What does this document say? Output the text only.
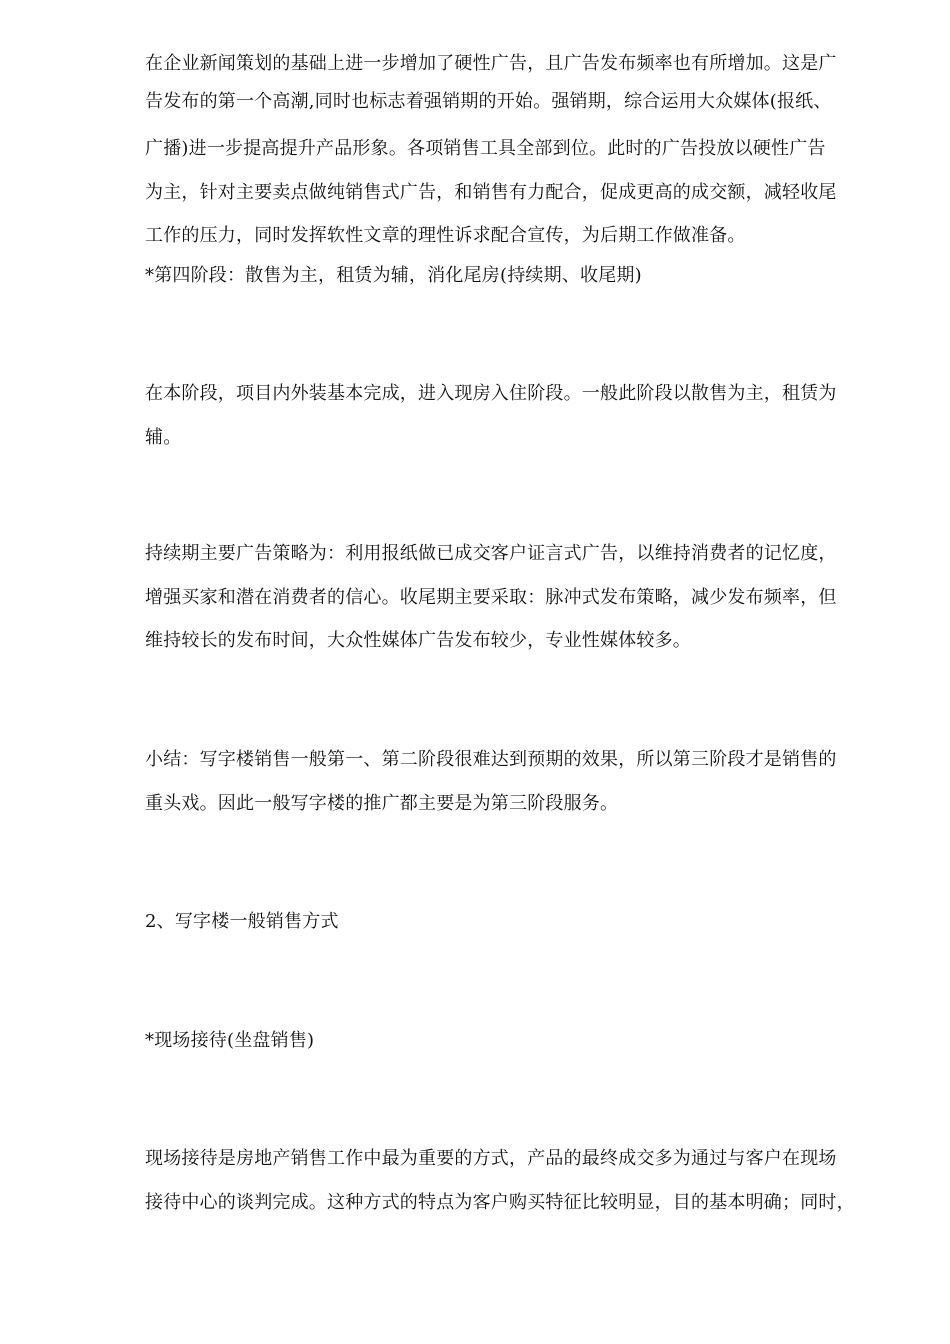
在企业新闻策划的基础上进一步增加了硬性广告，且广告发布频率也有所增加。这是广
告发布的第一个高潮,同时也标志着强销期的开始。强销期，综合运用大众媒体(报纸、
广播)进一步提高提升产品形象。各项销售工具全部到位。此时的广告投放以硬性广告
为主，针对主要卖点做纯销售式广告，和销售有力配合，促成更高的成交额，减轻收尾
工作的压力，同时发挥软性文章的理性诉求配合宣传，为后期工作做准备。
*第四阶段：散售为主，租赁为辅，消化尾房(持续期、收尾期)
在本阶段，项目内外装基本完成，进入现房入住阶段。一般此阶段以散售为主，租赁为
辅。
持续期主要广告策略为：利用报纸做已成交客户证言式广告，以维持消费者的记忆度，
增强买家和潜在消费者的信心。收尾期主要采取：脉冲式发布策略，减少发布频率，但
维持较长的发布时间，大众性媒体广告发布较少，专业性媒体较多。
小结：写字楼销售一般第一、第二阶段很难达到预期的效果，所以第三阶段才是销售的
重头戏。因此一般写字楼的推广都主要是为第三阶段服务。
2、写字楼一般销售方式
*现场接待(坐盘销售)
现场接待是房地产销售工作中最为重要的方式，产品的最终成交多为通过与客户在现场
接待中心的谈判完成。这种方式的特点为客户购买特征比较明显，目的基本明确；同时，
